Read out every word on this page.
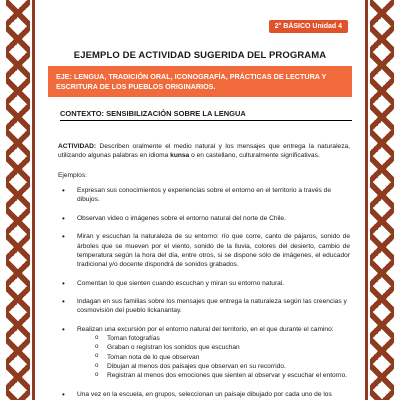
2° BÁSICO Unidad 4
EJEMPLO DE ACTIVIDAD SUGERIDA DEL PROGRAMA
EJE: LENGUA, TRADICIÓN ORAL, ICONOGRAFÍA, PRÁCTICAS DE LECTURA Y ESCRITURA DE LOS PUEBLOS ORIGINARIOS.
CONTEXTO: SENSIBILIZACIÓN SOBRE LA LENGUA

ACTIVIDAD: Describen oralmente el medio natural y los mensajes que entrega la naturaleza, utilizando algunas palabras en idioma kunsa o en castellano, culturalmente significativas.

Ejemplos:

• Expresan sus conocimientos y experiencias sobre el entorno en el territorio a través de dibujos.
• Observan video o imágenes sobre el entorno natural del norte de Chile.
• Miran y escuchan la naturaleza de su entorno: río que corre, canto de pájaros, sonido de árboles que se mueven por el viento, sonido de la lluvia, colores del desierto, cambio de temperatura según la hora del día, entre otros, si se dispone sólo de imágenes, el educador tradicional y/o docente dispondrá de sonidos grabados.
• Comentan lo que sienten cuando escuchan y miran su entorno natural.
• Indagan en sus familias sobre los mensajes que entrega la naturaleza según las creencias y cosmovisión del pueblo lickanantay.
• Realizan una excursión por el entorno natural del territorio, en el que durante el camino:
o Toman fotografías
o Graban o registran los sonidos que escuchan
o Toman nota de lo que observan
o Dibujan al menos dos paisajes que observan en su recorrido.
o Registran al menos dos emociones que sienten al observar y escuchar el entorno.
• Una vez en la escuela, en grupos, seleccionan un paisaje dibujado por cada uno de los
